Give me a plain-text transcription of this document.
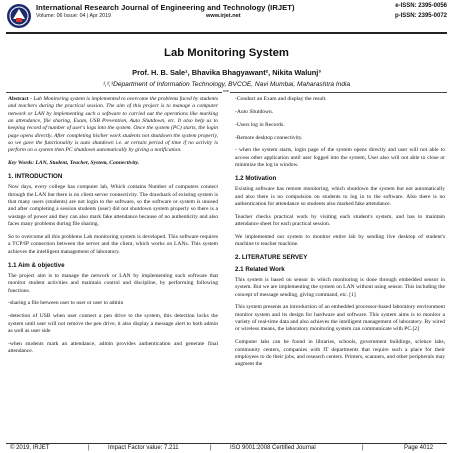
International Research Journal of Engineering and Technology (IRJET)
Volume: 06 Issue: 04 | Apr 2019	www.irjet.net
e-ISSN: 2395-0056
p-ISSN: 2395-0072
Lab Monitoring System
Prof. H. B. Sale¹, Bhavika Bhagyawant², Nikita Walunj³
¹,²,³Department of Information Technology, BVCOE, Navi Mumbai, Maharashtra India
***
Abstract - Lab Monitoring system is implemented to overcome the problems faced by students and teachers during the practical session. The aim of this project is to manage a computer network or LAN by implementing such a software to carried out the operations like marking an attendance, file sharing, Exam, USB Prevention, Auto Shutdown, etc. It also help us to keeping record of number of user's logs into the system. Once the system (PC) starts, the login page opens directly. After completing his/her work students not shutdown the system properly, so we gave the functionality is auto shutdown i.e. at certain period of time if no activity is perform on a system then PC shutdown automatically by giving a notification.
Key Words: LAN, Student, Teacher, System, Connectivity.
1. INTRODUCTION
Now days, every college has computer lab, Which contains Number of computers connect through the LAN but there is no client server connectivity. The drawback of existing system is that many users (students) are not login to the software, so the software or system is unused and after completing a session students (user) did not shutdown system properly so there is a wastage of power and they can also mark fake attendance because of no authenticity and also faces many problems during file sharing.
So to overcome all this problems Lab monitoring system is developed. This software requires a TCP/IP connection between the server and the client, which works on LANs. This system achieves the intelligent management of laboratory.
1.1 Aim & objective
The project aim is to manage the network or LAN by implementing such software that monitor student activities and maintain control and discipline, by performing following functions.
-sharing a file between user to user or user to admin
-detection of USB when user connect a pen drive to the system, this detection locks the system until user will not remove the pen drive, it also display a message alert to both admin as well as user side
-when students mark an attendance, admin provides authentication and generate final attendance.
-Conduct an Exam and display the result.
-Auto Shutdown.
-Users log in Records.
-Remote desktop connectivity.
- when the system starts, login page of the system opens directly and user will not able to access other application until user logged into the system, User also will not able to close or minimize the log in window.
1.2 Motivation
Existing software has remote monitoring, which shutdown the system but not automatically and also there is no compulsion on students to log in to the software. Also there is no authentication for attendance so students also marked fake attendance.
Teacher checks practical work by visiting each student's system, and has to maintain attendance sheet for each practical session.
We implemented our system to monitor entire lab by sending live desktop of student's machine to teacher machine.
2. LITERATURE SERVEY
2.1 Related Work
This system is based on sensor in which monitoring is done through embedded sensor in system. But we are implementing the system on LAN without using sensor. This including the concept of message sending, giving command, etc. [1]
This system presents an introduction of an embedded processor-based laboratory environment monitor system and its design for hardware and software. This system aims is to monitor a variety of real-time data and also achieves the intelligent management of laboratory. By wired or wireless means, the laboratory monitoring system can communicate with PC.[2]
Computer labs can be found in libraries, schools, government buildings, science labs, community centers, companies with IT departments that require such a place for their employees to do their jobs, and research centers. Printers, scanners, and other peripherals may augment the
© 2019, IRJET	|	Impact Factor value: 7.211	|	ISO 9001:2008 Certified Journal	|	Page 4012
